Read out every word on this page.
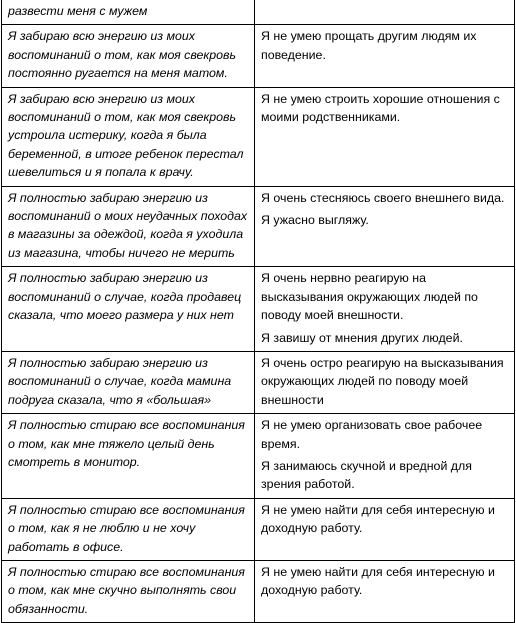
развести меня с мужем	
Я забираю всю энергию из моих воспоминаний о том, как моя свекровь постоянно ругается на меня матом.	Я не умею прощать другим людям их поведение.

Я забираю всю энергию из моих воспоминаний о том, как моя свекровь устроила истерику, когда я была беременной, в итоге ребенок перестал шевелиться и я попала к врачу.	Я не умею строить хорошие отношения с моими родственниками.

Я полностью забираю энергию из воспоминаний о моих неудачных походах в магазины за одеждой, когда я уходила из магазина, чтобы ничего не мерить	Я очень стесняюсь своего внешнего вида.

Я ужасно выгляжу.

Я полностью забираю энергию из воспоминаний о случае, когда продавец сказала, что моего размера у них нет	Я очень нервно реагирую на высказывания окружающих людей по поводу моей внешности.

Я завишу от мнения других людей.

Я полностью забираю энергию из воспоминаний о случае, когда мамина подруга сказала, что я «большая»	Я очень остро реагирую на высказывания окружающих людей по поводу моей внешности

Я полностью стираю все воспоминания о том, как мне тяжело целый день смотреть в монитор.	Я не умею организовать свое рабочее время.

Я занимаюсь скучной и вредной для зрения работой.

Я полностью стираю все воспоминания о том, как я не люблю и не хочу работать в офисе.	Я не умею найти для себя интересную и доходную работу.

Я полностью стираю все воспоминания о том, как мне скучно выполнять свои обязанности.	Я не умею найти для себя интересную и доходную работу.
